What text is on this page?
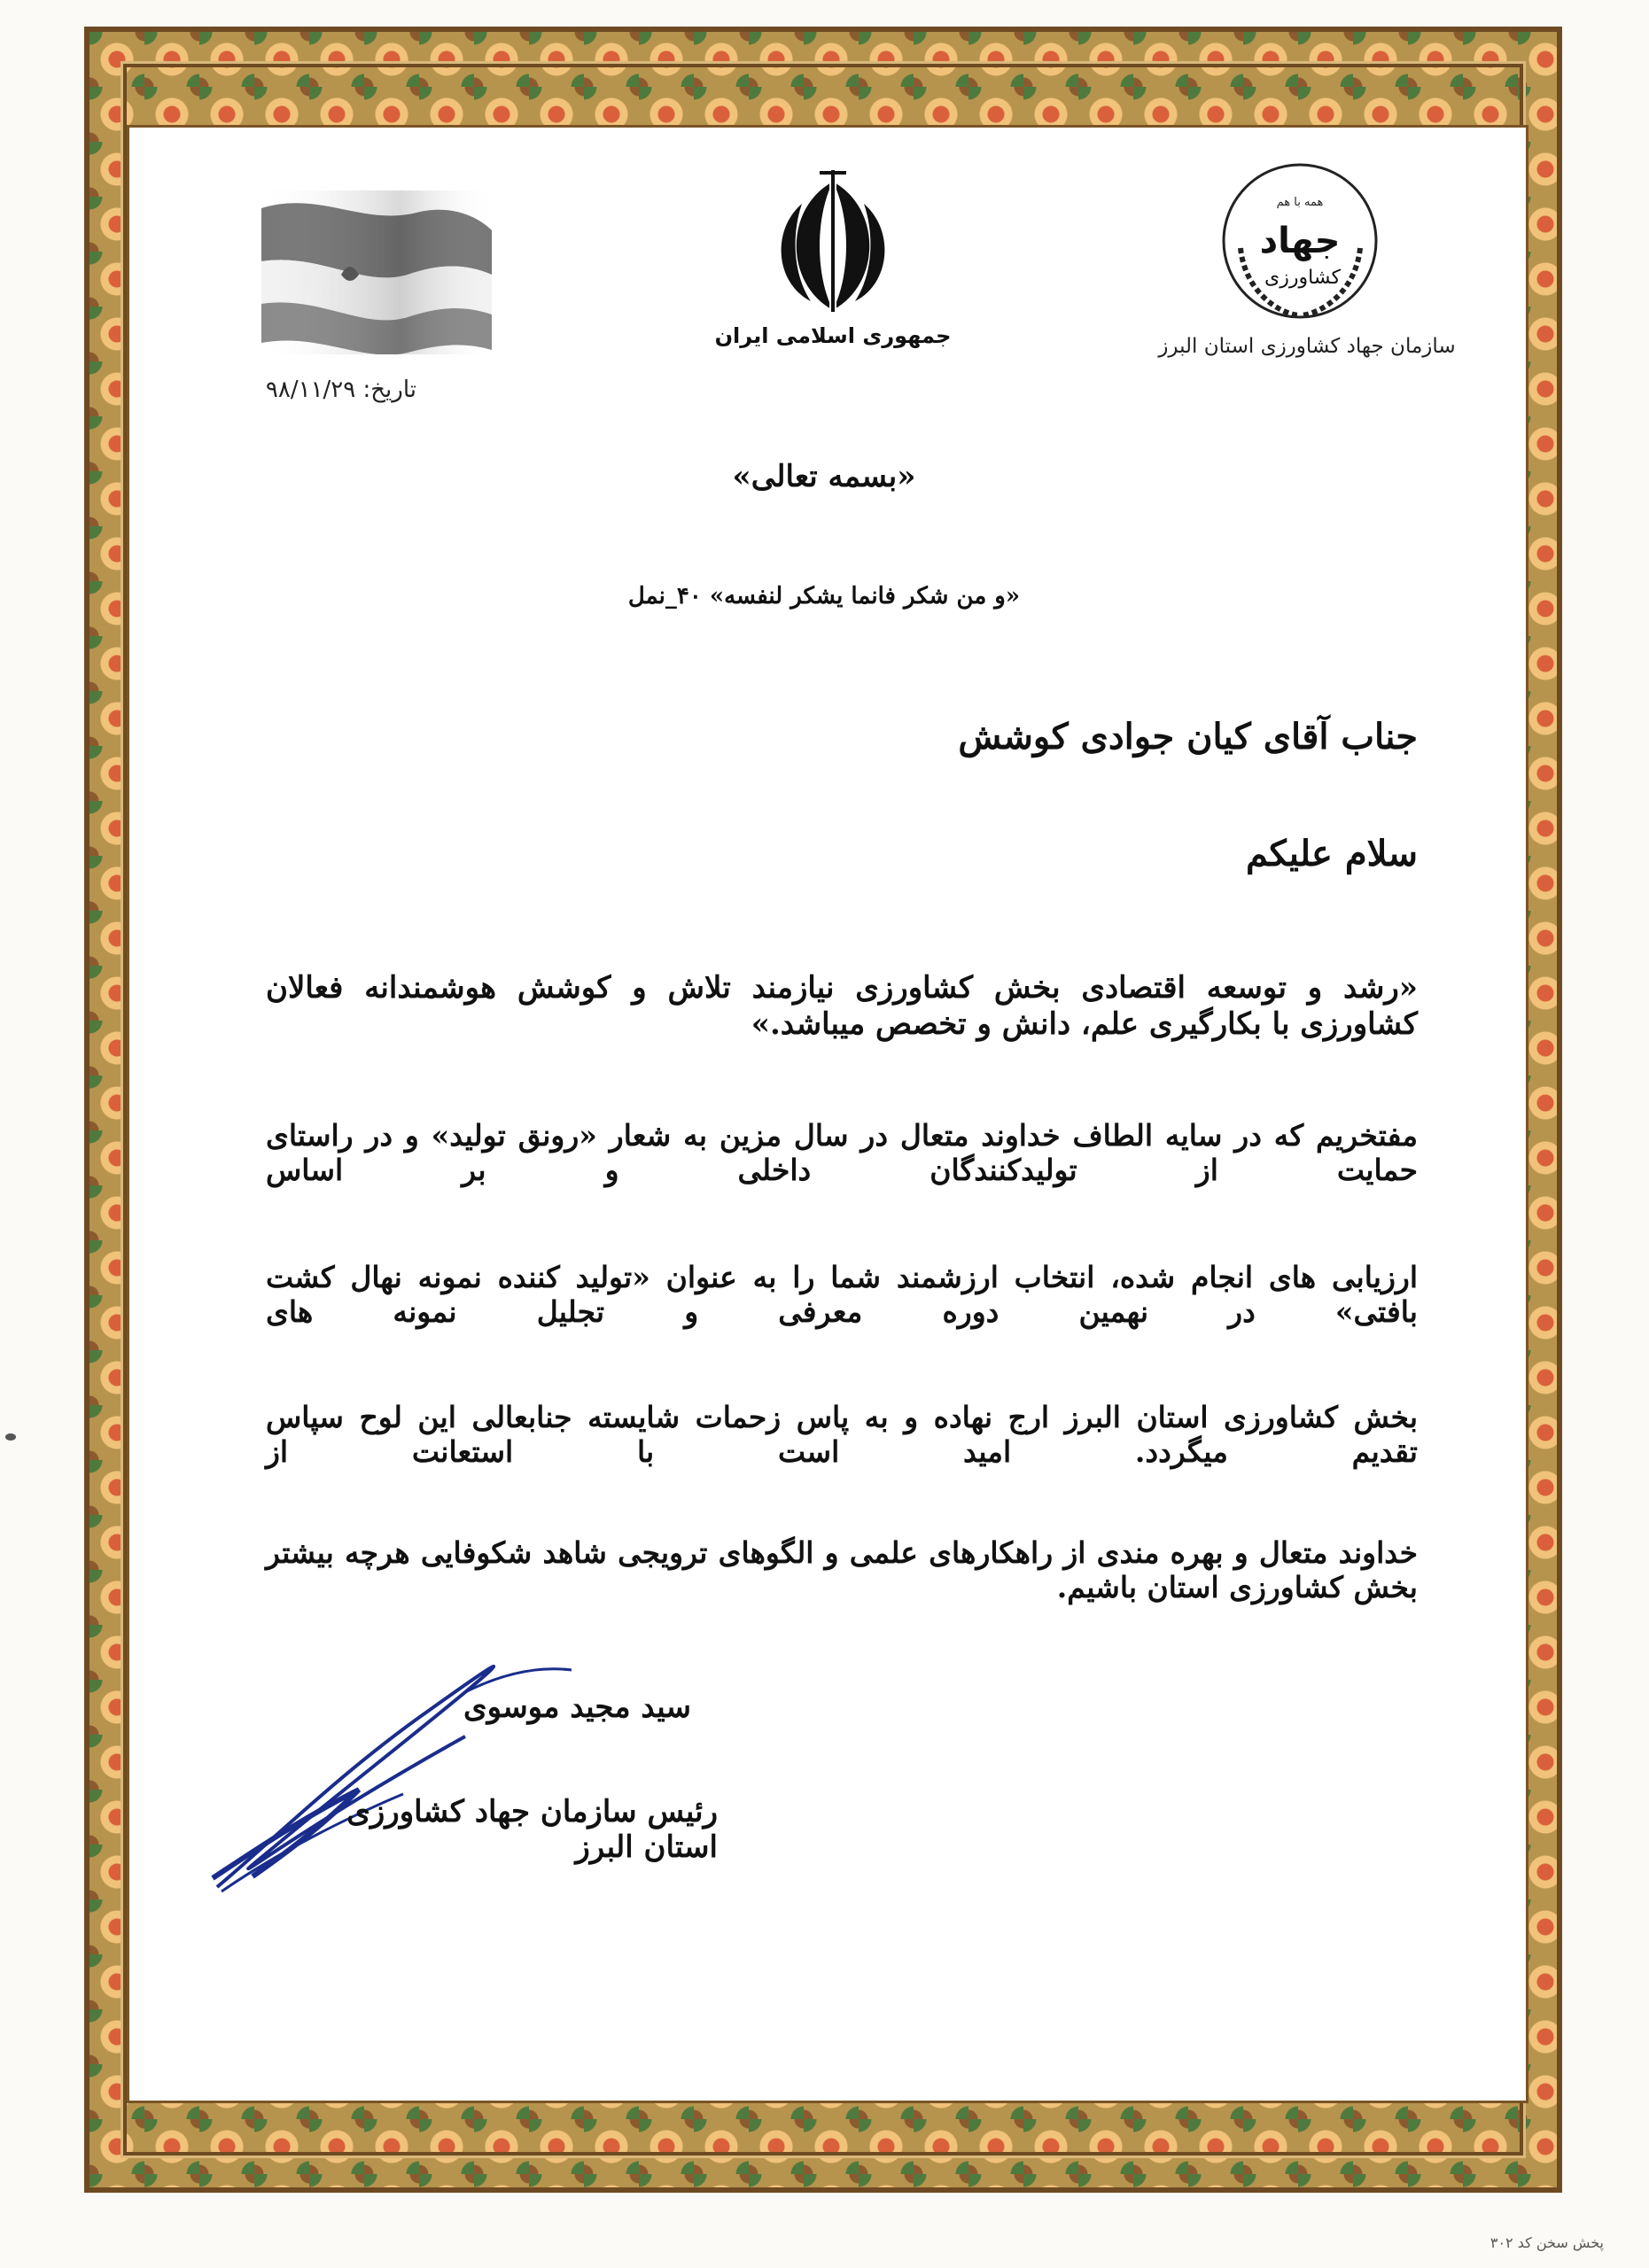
همه با هم
جهاد
کشاورزی
جمهوری اسلامی ایران	سازمان جهاد کشاورزی استان البرز
تاریخ: ۹۸/۱۱/۲۹
«بسمه تعالی»
«و من شکر فانما یشکر لنفسه» ۴۰_نمل
جناب آقای کیان جوادی کوشش
سلام علیکم
«رشد و توسعه اقتصادی بخش کشاورزی نیازمند تلاش و کوشش هوشمندانه فعالان کشاورزی با بکارگیری علم، دانش و تخصص میباشد.»
مفتخریم که در سایه الطاف خداوند متعال در سال مزین به شعار «رونق تولید» و در راستای حمایت از تولیدکنندگان داخلی و بر اساس
ارزیابی های انجام شده، انتخاب ارزشمند شما را به عنوان «تولید کننده نمونه نهال کشت بافتی» در نهمین دوره معرفی و تجلیل نمونه های
بخش کشاورزی استان البرز ارج نهاده و به پاس زحمات شایسته جنابعالی این لوح سپاس تقدیم میگردد. امید است با استعانت از
خداوند متعال و بهره مندی از راهکارهای علمی و الگوهای ترویجی شاهد شکوفایی هرچه بیشتر بخش کشاورزی استان باشیم.
سید مجید موسوی
رئیس سازمان جهاد کشاورزی استان البرز
پخش سخن کد ۳۰۲
